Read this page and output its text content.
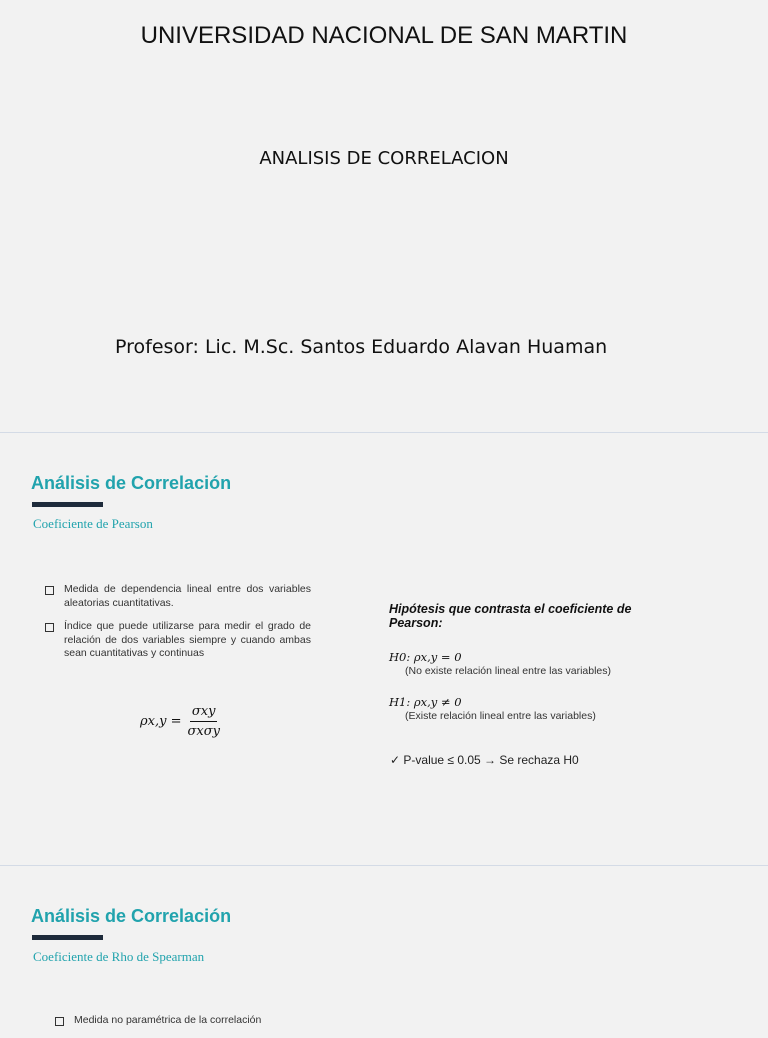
UNIVERSIDAD NACIONAL DE SAN MARTIN
ANALISIS DE CORRELACION
Profesor: Lic. M.Sc. Santos Eduardo Alavan Huaman
Análisis de Correlación
Coeficiente de Pearson
Medida de dependencia lineal entre dos variables aleatorias cuantitativas.
Índice que puede utilizarse para medir el grado de relación de dos variables siempre y cuando ambas sean cuantitativas y continuas
$\rho x,y = \frac{\text{σxy}}{\text{σxσy}}$
Hipótesis que contrasta el coeficiente de Pearson:
H0: ρx,y = 0
(No existe relación lineal entre las variables)
H1: ρx,y ≠ 0
(Existe relación lineal entre las variables)
✓ P-value ≤ 0.05 → Se rechaza H0
Análisis de Correlación
Coeficiente de Rho de Spearman
Medida no paramétrica de la correlación
